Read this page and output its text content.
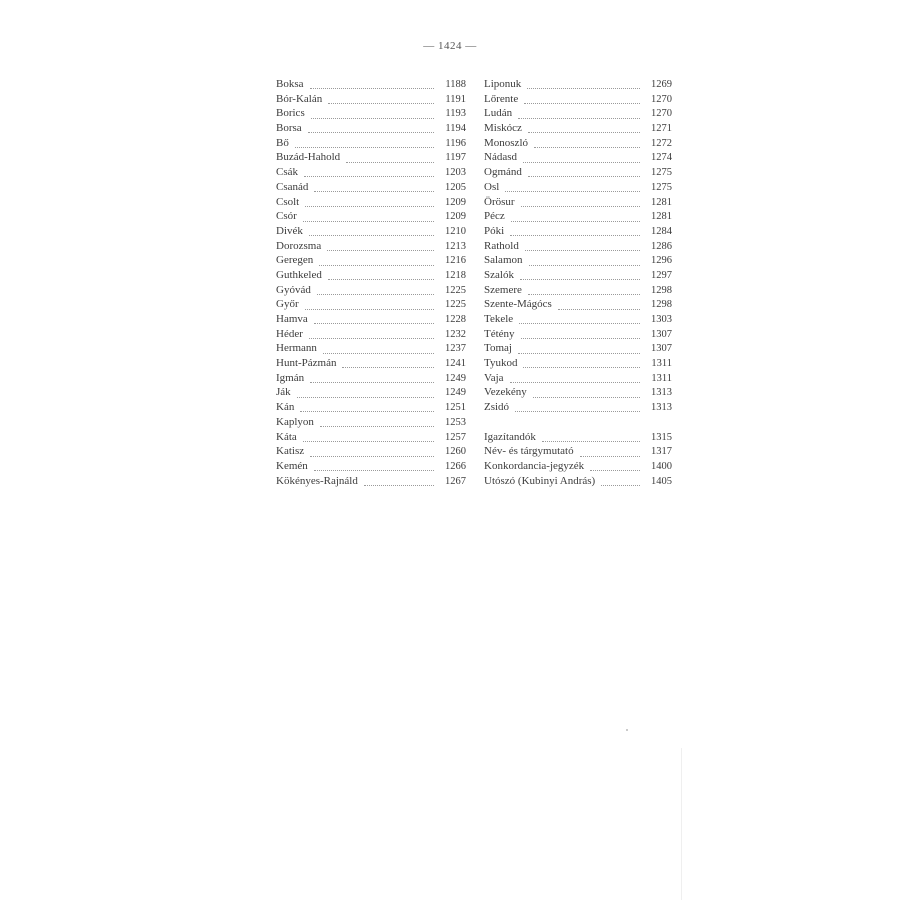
— 1424 —
Boksa	1188
Bór-Kalán	1191
Borics	1193
Borsa	1194
Bő	1196
Buzád-Hahold	1197
Csák	1203
Csanád	1205
Csolt	1209
Csór	1209
Divék	1210
Dorozsma	1213
Geregen	1216
Guthkeled	1218
Gyóvád	1225
Győr	1225
Hamva	1228
Héder	1232
Hermann	1237
Hunt-Pázmán	1241
Igmán	1249
Ják	1249
Kán	1251
Kaplyon	1253
Káta	1257
Katisz	1260
Kemén	1266
Kökényes-Rajnáld	1267
Liponuk	1269
Lőrente	1270
Ludán	1270
Miskócz	1271
Monoszló	1272
Nádasd	1274
Ogmánd	1275
Osl	1275
Örösur	1281
Pécz	1281
Póki	1284
Rathold	1286
Salamon	1296
Szalók	1297
Szemere	1298
Szente-Mágócs	1298
Tekele	1303
Tétény	1307
Tomaj	1307
Tyukod	1311
Vaja	1311
Vezekény	1313
Zsidó	1313
Igazítandók	1315
Név- és tárgymutató	1317
Konkordancia-jegyzék	1400
Utószó (Kubinyi András)	1405
